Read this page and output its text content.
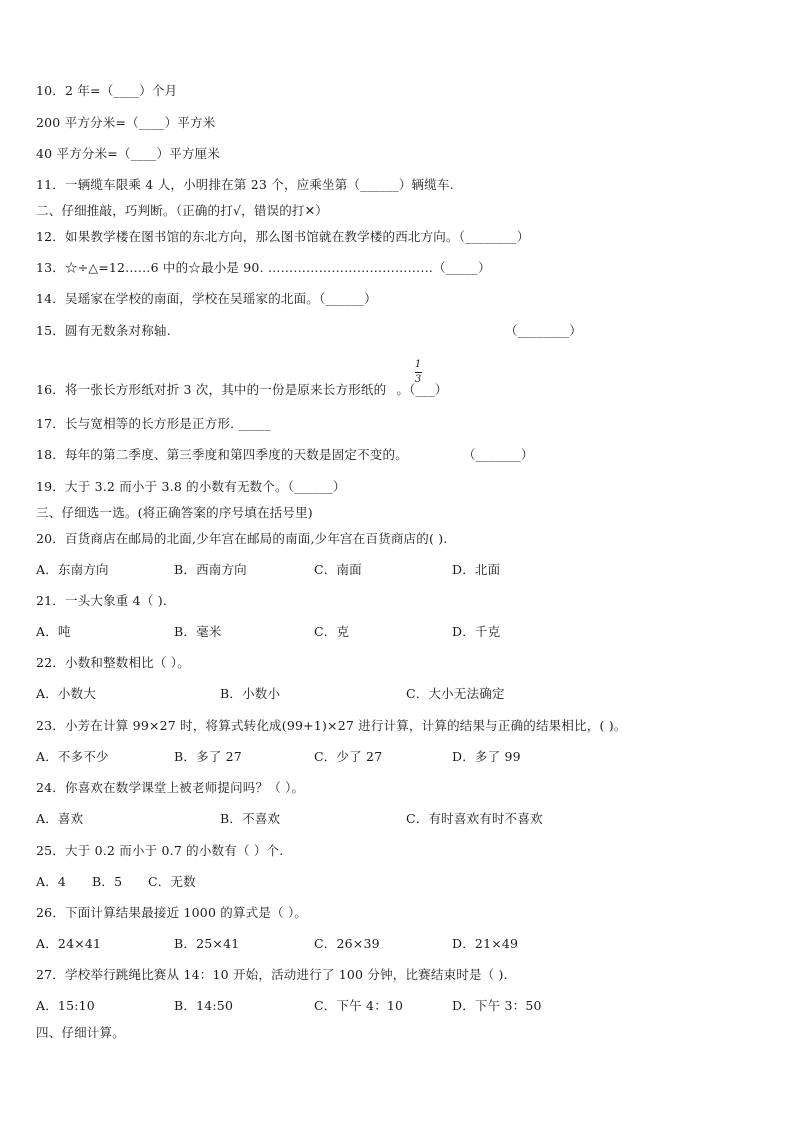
10．2 年=（____）个月
200 平方分米=（____）平方米
40 平方分米=（____）平方厘米
11．一辆缆车限乘 4 人，小明排在第 23 个，应乘坐第（______）辆缆车.
二、仔细推敲，巧判断。（正确的打√，错误的打✕）
12．如果教学楼在图书馆的东北方向，那么图书馆就在教学楼的西北方向。（________）
13．☆÷△=12……6 中的☆最小是 90. …………………………………（_____）
14．吴瑶家在学校的南面，学校在吴瑶家的北面。（______）
15．圆有无数条对称轴.	（________）
16．将一张长方形纸对折 3 次，其中的一份是原来长方形纸的 。（___）
1
3
17．长与宽相等的长方形是正方形. _____
18．每年的第二季度、第三季度和第四季度的天数是固定不变的。	（_______）
19．大于 3.2 而小于 3.8 的小数有无数个。（______）
三、仔细选一选。(将正确答案的序号填在括号里)
20．百货商店在邮局的北面,少年宫在邮局的南面,少年宫在百货商店的( ).
A．东南方向	B．西南方向	C．南面	D．北面
21．一头大象重 4（ ).
A．吨	B．毫米	C．克	D．千克
22．小数和整数相比（ ）。
A．小数大	B．小数小	C．大小无法确定
23．小芳在计算 99×27 时，将算式转化成(99+1)×27 进行计算，计算的结果与正确的结果相比，( )。
A．不多不少	B．多了 27	C．少了 27	D．多了 99
24．你喜欢在数学课堂上被老师提问吗？（ ）。
A．喜欢	B．不喜欢	C．有时喜欢有时不喜欢
25．大于 0.2 而小于 0.7 的小数有（ ）个.
A．4 B．5 C．无数
26．下面计算结果最接近 1000 的算式是（ ）。
A．24×41	B．25×41	C．26×39	D．21×49
27．学校举行跳绳比赛从 14：10 开始，活动进行了 100 分钟，比赛结束时是（ ).
A．15:10	B．14:50	C．下午 4：10	D．下午 3：50
四、仔细计算。
